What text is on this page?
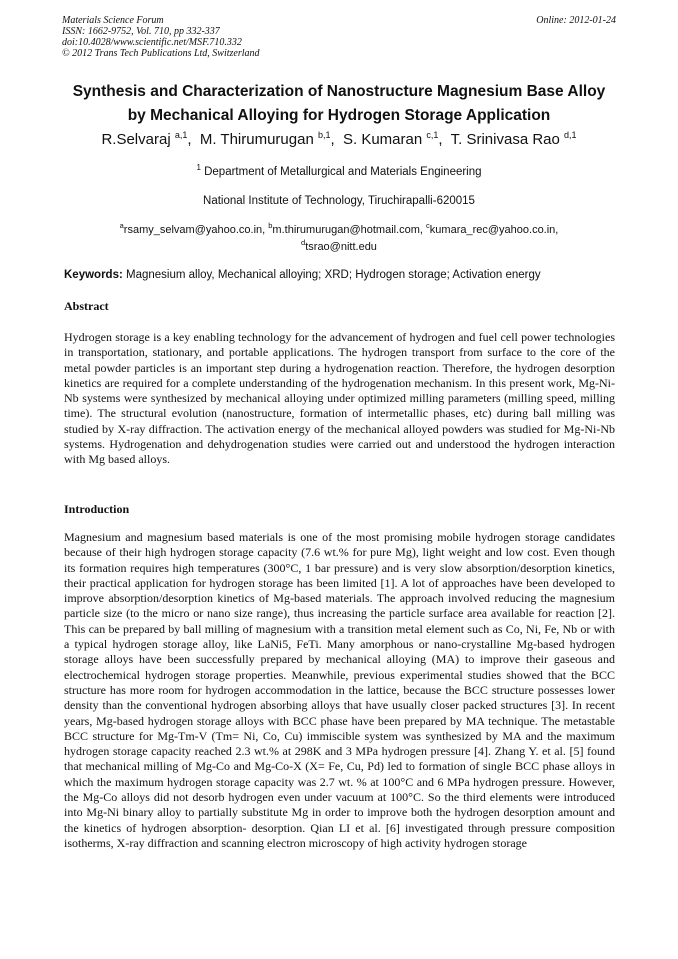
Materials Science Forum
ISSN: 1662-9752, Vol. 710, pp 332-337
doi:10.4028/www.scientific.net/MSF.710.332
© 2012 Trans Tech Publications Ltd, Switzerland
Online: 2012-01-24
Synthesis and Characterization of Nanostructure Magnesium Base Alloy
by Mechanical Alloying for Hydrogen Storage Application
R.Selvaraj $^{a,1}$,  M. Thirumurugan $^{b,1}$,  S. Kumaran $^{c,1}$,  T. Srinivasa Rao $^{d,1}$
$^1$ Department of Metallurgical and Materials Engineering
National Institute of Technology, Tiruchirapalli-620015
$^a$rsamy_selvam@yahoo.co.in, $^b$m.thirumurugan@hotmail.com, $^c$kumara_rec@yahoo.co.in,
$^d$tsrao@nitt.edu
Keywords: Magnesium alloy, Mechanical alloying; XRD; Hydrogen storage; Activation energy
Abstract
Hydrogen storage is a key enabling technology for the advancement of hydrogen and fuel cell power technologies in transportation, stationary, and portable applications. The hydrogen transport from surface to the core of the metal powder particles is an important step during a hydrogenation reaction. Therefore, the hydrogen desorption kinetics are required for a complete understanding of the hydrogenation mechanism. In this present work, Mg-Ni-Nb systems were synthesized by mechanical alloying under optimized milling parameters (milling speed, milling time). The structural evolution (nanostructure, formation of intermetallic phases, etc) during ball milling was studied by X-ray diffraction. The activation energy of the mechanical alloyed powders was studied for Mg-Ni-Nb systems. Hydrogenation and dehydrogenation studies were carried out and understood the hydrogen interaction with Mg based alloys.
Introduction
Magnesium and magnesium based materials is one of the most promising mobile hydrogen storage candidates because of their high hydrogen storage capacity (7.6 wt.% for pure Mg), light weight and low cost. Even though its formation requires high temperatures (300°C, 1 bar pressure) and is very slow absorption/desorption kinetics, their practical application for hydrogen storage has been limited [1]. A lot of approaches have been developed to improve absorption/desorption kinetics of Mg-based materials. The approach involved reducing the magnesium particle size (to the micro or nano size range), thus increasing the particle surface area available for reaction [2]. This can be prepared by ball milling of magnesium with a transition metal element such as Co, Ni, Fe, Nb or with a typical hydrogen storage alloy, like LaNi5, FeTi. Many amorphous or nano-crystalline Mg-based hydrogen storage alloys have been successfully prepared by mechanical alloying (MA) to improve their gaseous and electrochemical hydrogen storage properties. Meanwhile, previous experimental studies showed that the BCC structure has more room for hydrogen accommodation in the lattice, because the BCC structure possesses lower density than the conventional hydrogen absorbing alloys that have usually closer packed structures [3]. In recent years, Mg-based hydrogen storage alloys with BCC phase have been prepared by MA technique. The metastable BCC structure for Mg-Tm-V (Tm= Ni, Co, Cu) immiscible system was synthesized by MA and the maximum hydrogen storage capacity reached 2.3 wt.% at 298K and 3 MPa hydrogen pressure [4]. Zhang Y. et al. [5] found that mechanical milling of Mg-Co and Mg-Co-X (X= Fe, Cu, Pd) led to formation of single BCC phase alloys in which the maximum hydrogen storage capacity was 2.7 wt. % at 100°C and 6 MPa hydrogen pressure. However, the Mg-Co alloys did not desorb hydrogen even under vacuum at 100°C. So the third elements were introduced into Mg-Ni binary alloy to partially substitute Mg in order to improve both the hydrogen desorption amount and the kinetics of hydrogen absorption- desorption. Qian LI et al. [6] investigated through pressure composition isotherms, X-ray diffraction and scanning electron microscopy of high activity hydrogen storage
